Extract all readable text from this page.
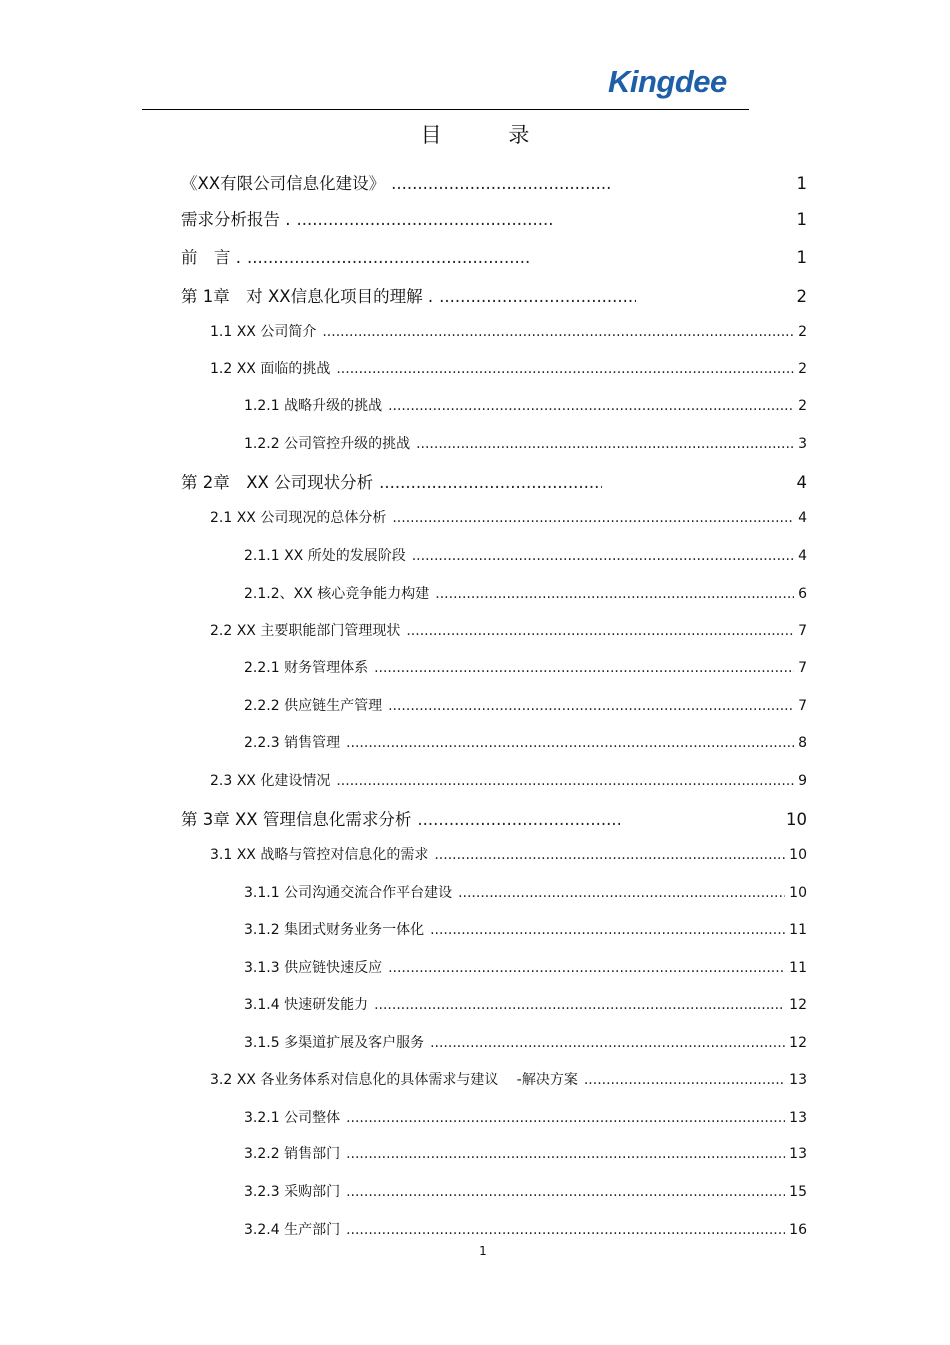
Kingdee
目 录
《XX有限公司信息化建设》 .....	1
需求分析报告 . .....	1
前　言 . .....	1
第 1章　对 XX信息化项目的理解 . .....	2
1.1 XX 公司简介 .....	2
1.2 XX 面临的挑战 .....	2
1.2.1 战略升级的挑战 .....	2
1.2.2 公司管控升级的挑战 .....	3
第 2章　XX 公司现状分析 .....	4
2.1 XX 公司现况的总体分析 .....	4
2.1.1 XX 所处的发展阶段 .....	4
2.1.2、XX 核心竞争能力构建 .....	6
2.2 XX 主要职能部门管理现状 .....	7
2.2.1 财务管理体系 .....	7
2.2.2 供应链生产管理 .....	7
2.2.3 销售管理 .....	8
2.3 XX 化建设情况 .....	9
第 3章 XX 管理信息化需求分析 .....	10
3.1 XX 战略与管控对信息化的需求 .....	10
3.1.1 公司沟通交流合作平台建设 .....	10
3.1.2 集团式财务业务一体化 .....	11
3.1.3 供应链快速反应 .....	11
3.1.4 快速研发能力 .....	12
3.1.5 多渠道扩展及客户服务 .....	12
3.2 XX 各业务体系对信息化的具体需求与建议　 -解决方案 .....	13
3.2.1 公司整体 .....	13
3.2.2 销售部门 .....	13
3.2.3 采购部门 .....	15
3.2.4 生产部门 .....	16
1
